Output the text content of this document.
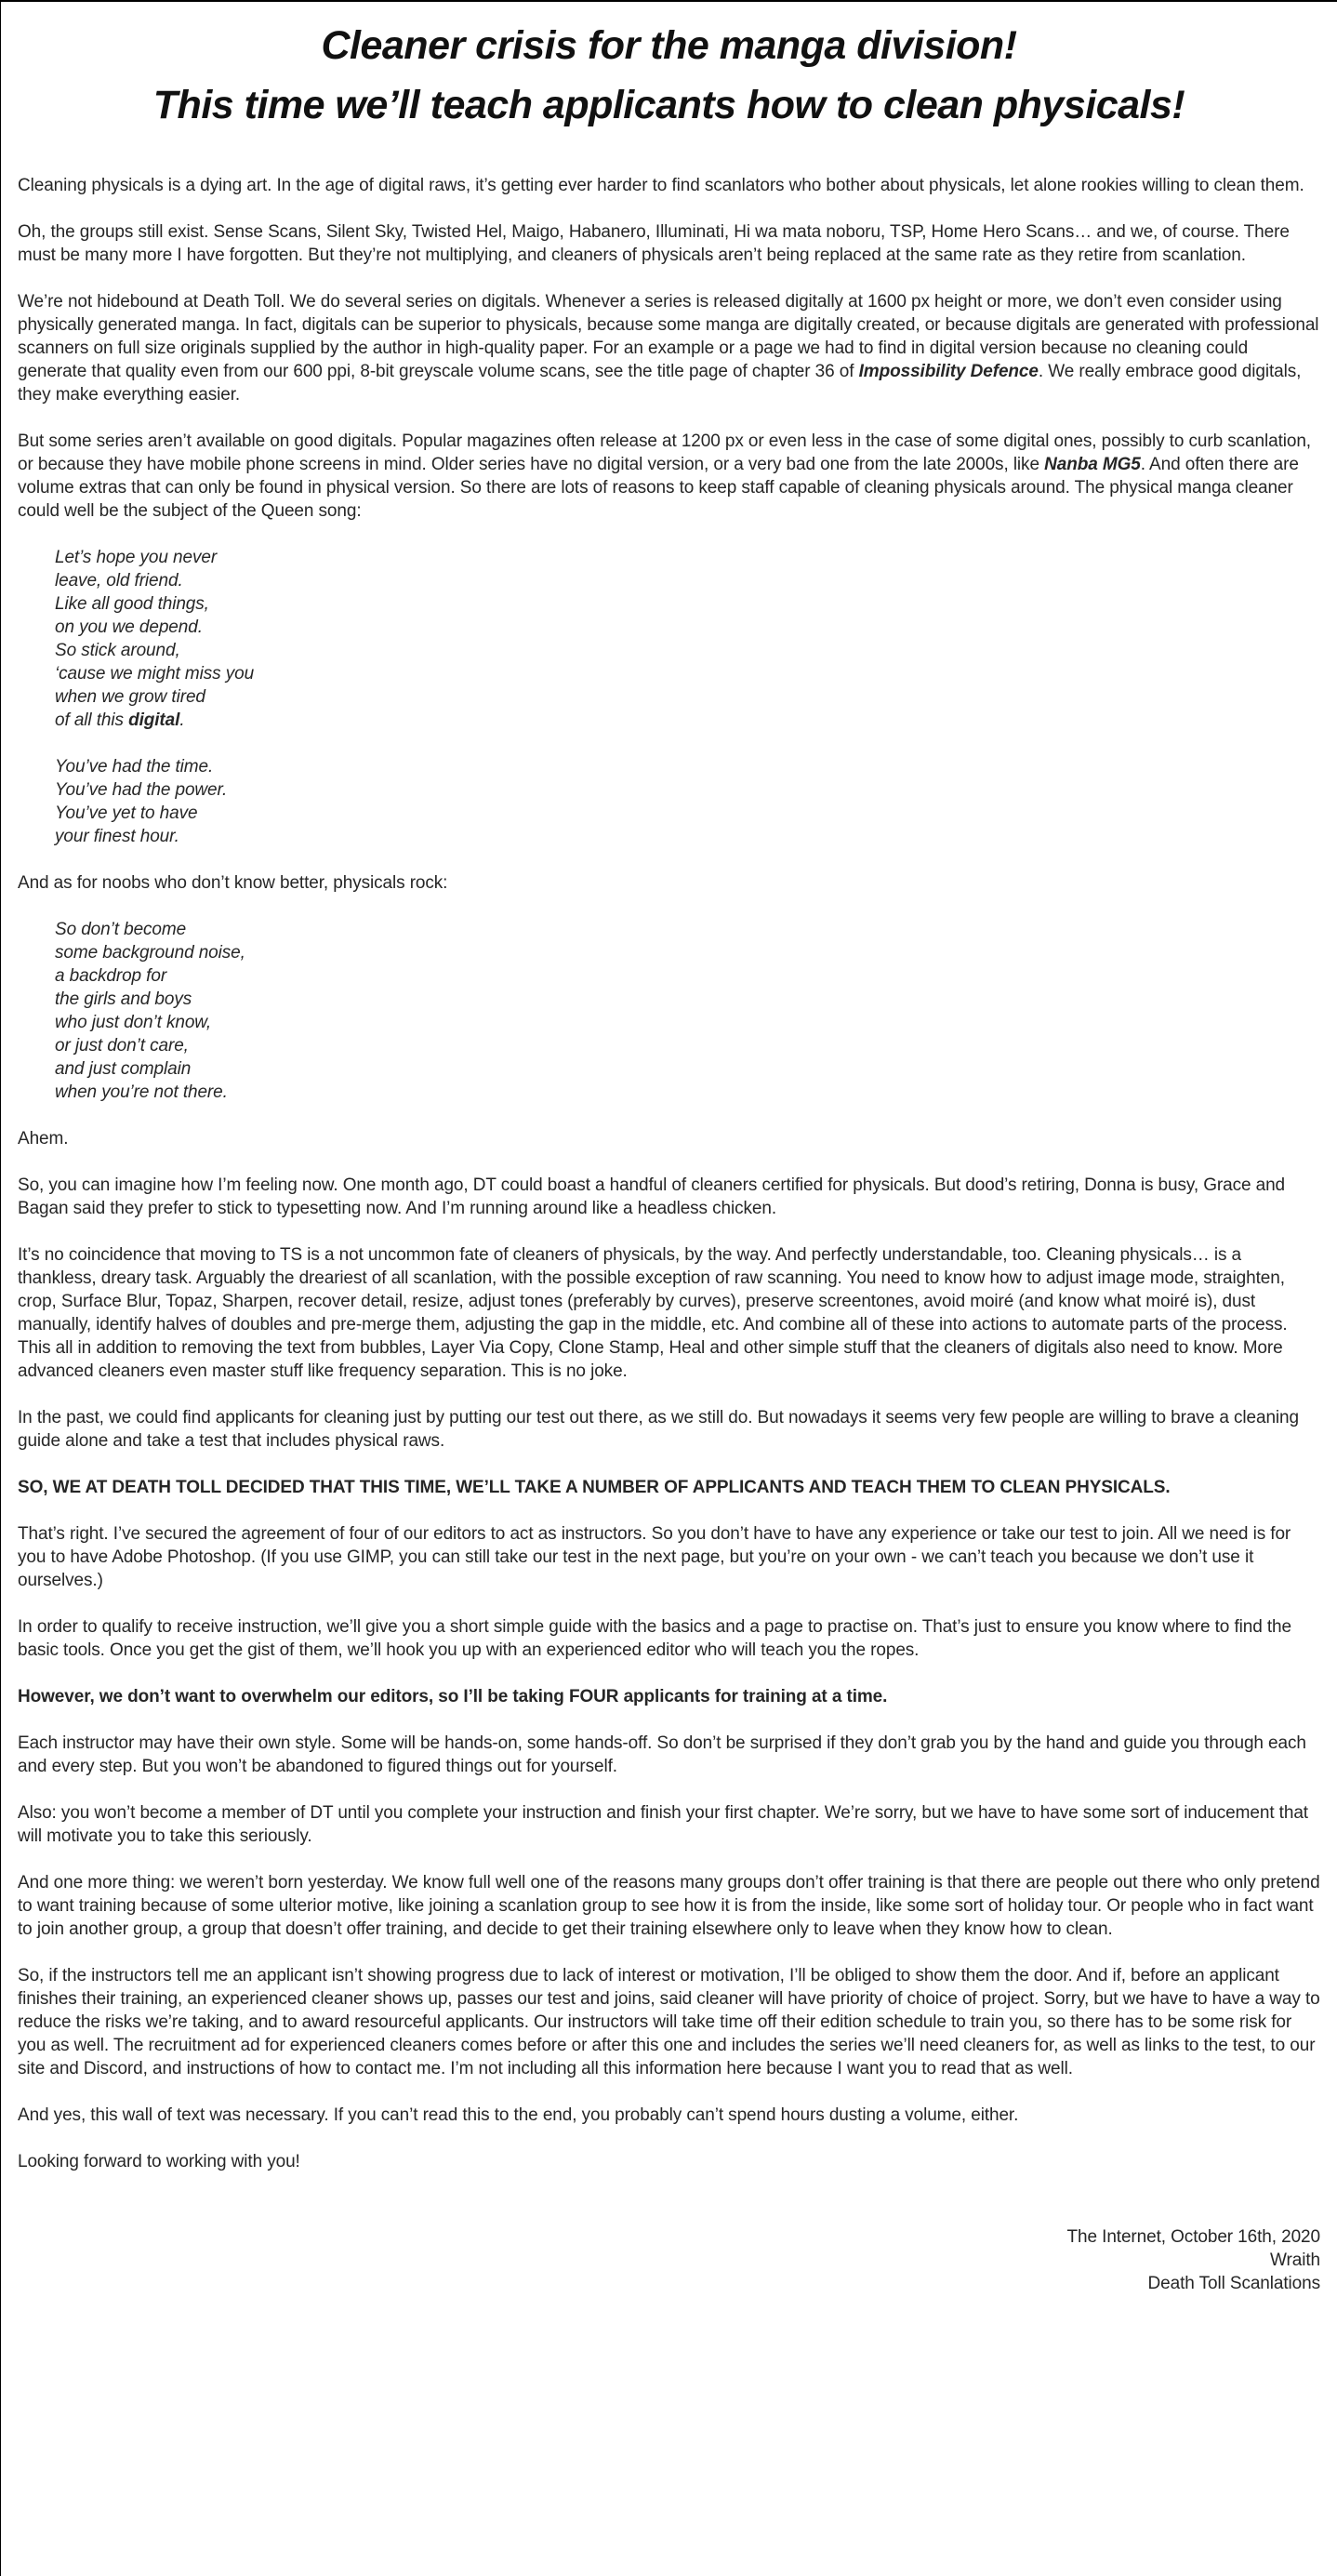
Cleaner crisis for the manga division!
This time we’ll teach applicants how to clean physicals!

Cleaning physicals is a dying art. In the age of digital raws, it’s getting ever harder to find scanlators who bother about physicals, let alone rookies willing to clean them.

Oh, the groups still exist. Sense Scans, Silent Sky, Twisted Hel, Maigo, Habanero, Illuminati, Hi wa mata noboru, TSP, Home Hero Scans… and we, of course. There must be many more I have forgotten. But they’re not multiplying, and cleaners of physicals aren’t being replaced at the same rate as they retire from scanlation.

We’re not hidebound at Death Toll. We do several series on digitals. Whenever a series is released digitally at 1600 px height or more, we don’t even consider using physically generated manga. In fact, digitals can be superior to physicals, because some manga are digitally created, or because digitals are generated with professional scanners on full size originals supplied by the author in high-quality paper. For an example or a page we had to find in digital version because no cleaning could generate that quality even from our 600 ppi, 8-bit greyscale volume scans, see the title page of chapter 36 of Impossibility Defence. We really embrace good digitals, they make everything easier.

But some series aren’t available on good digitals. Popular magazines often release at 1200 px or even less in the case of some digital ones, possibly to curb scanlation, or because they have mobile phone screens in mind. Older series have no digital version, or a very bad one from the late 2000s, like Nanba MG5. And often there are volume extras that can only be found in physical version. So there are lots of reasons to keep staff capable of cleaning physicals around. The physical manga cleaner could well be the subject of the Queen song:

Let’s hope you never
leave, old friend.
Like all good things,
on you we depend.
So stick around,
‘cause we might miss you
when we grow tired
of all this digital.
You’ve had the time.
You’ve had the power.
You’ve yet to have
your finest hour.

And as for noobs who don’t know better, physicals rock:

So don’t become
some background noise,
a backdrop for
the girls and boys
who just don’t know,
or just don’t care,
and just complain
when you’re not there.

Ahem.

So, you can imagine how I’m feeling now. One month ago, DT could boast a handful of cleaners certified for physicals. But dood’s retiring, Donna is busy, Grace and Bagan said they prefer to stick to typesetting now. And I’m running around like a headless chicken.

It’s no coincidence that moving to TS is a not uncommon fate of cleaners of physicals, by the way. And perfectly understandable, too. Cleaning physicals… is a thankless, dreary task. Arguably the dreariest of all scanlation, with the possible exception of raw scanning. You need to know how to adjust image mode, straighten, crop, Surface Blur, Topaz, Sharpen, recover detail, resize, adjust tones (preferably by curves), preserve screentones, avoid moiré (and know what moiré is), dust manually, identify halves of doubles and pre-merge them, adjusting the gap in the middle, etc. And combine all of these into actions to automate parts of the process. This all in addition to removing the text from bubbles, Layer Via Copy, Clone Stamp, Heal and other simple stuff that the cleaners of digitals also need to know. More advanced cleaners even master stuff like frequency separation. This is no joke.

In the past, we could find applicants for cleaning just by putting our test out there, as we still do. But nowadays it seems very few people are willing to brave a cleaning guide alone and take a test that includes physical raws.

SO, WE AT DEATH TOLL DECIDED THAT THIS TIME, WE’LL TAKE A NUMBER OF APPLICANTS AND TEACH THEM TO CLEAN PHYSICALS.

That’s right. I’ve secured the agreement of four of our editors to act as instructors. So you don’t have to have any experience or take our test to join. All we need is for you to have Adobe Photoshop. (If you use GIMP, you can still take our test in the next page, but you’re on your own - we can’t teach you because we don’t use it ourselves.)

In order to qualify to receive instruction, we’ll give you a short simple guide with the basics and a page to practise on. That’s just to ensure you know where to find the basic tools. Once you get the gist of them, we’ll hook you up with an experienced editor who will teach you the ropes.

However, we don’t want to overwhelm our editors, so I’ll be taking FOUR applicants for training at a time.

Each instructor may have their own style. Some will be hands-on, some hands-off. So don’t be surprised if they don’t grab you by the hand and guide you through each and every step. But you won’t be abandoned to figured things out for yourself.

Also: you won’t become a member of DT until you complete your instruction and finish your first chapter. We’re sorry, but we have to have some sort of inducement that will motivate you to take this seriously.

And one more thing: we weren’t born yesterday. We know full well one of the reasons many groups don’t offer training is that there are people out there who only pretend to want training because of some ulterior motive, like joining a scanlation group to see how it is from the inside, like some sort of holiday tour. Or people who in fact want to join another group, a group that doesn’t offer training, and decide to get their training elsewhere only to leave when they know how to clean.

So, if the instructors tell me an applicant isn’t showing progress due to lack of interest or motivation, I’ll be obliged to show them the door. And if, before an applicant finishes their training, an experienced cleaner shows up, passes our test and joins, said cleaner will have priority of choice of project. Sorry, but we have to have a way to reduce the risks we’re taking, and to award resourceful applicants. Our instructors will take time off their edition schedule to train you, so there has to be some risk for you as well. The recruitment ad for experienced cleaners comes before or after this one and includes the series we’ll need cleaners for, as well as links to the test, to our site and Discord, and instructions of how to contact me. I’m not including all this information here because I want you to read that as well.

And yes, this wall of text was necessary. If you can’t read this to the end, you probably can’t spend hours dusting a volume, either.

Looking forward to working with you!

The Internet, October 16th, 2020
Wraith
Death Toll Scanlations
